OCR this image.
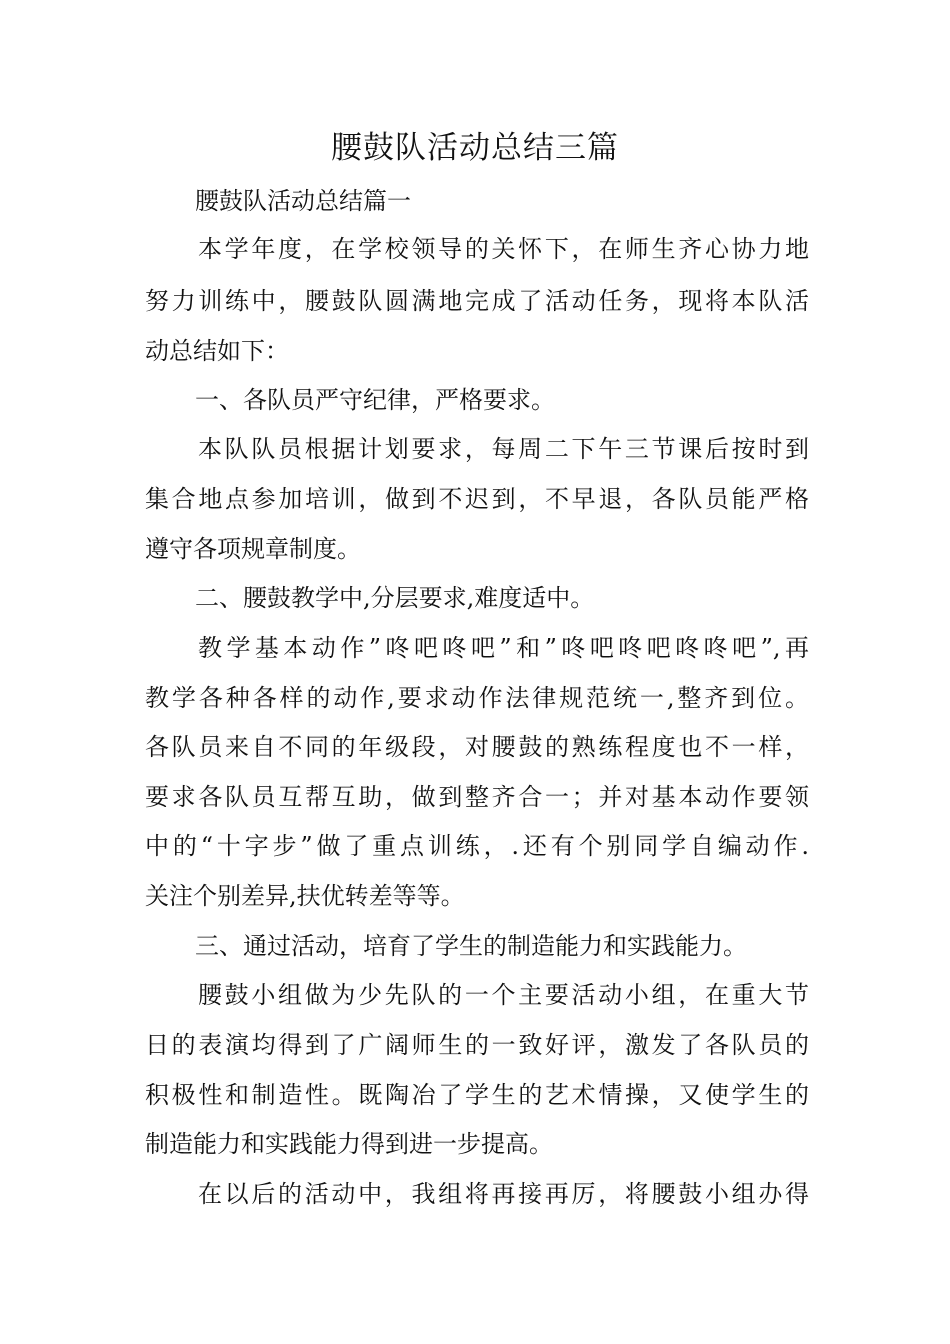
腰鼓队活动总结三篇

腰鼓队活动总结篇一

本学年度，在学校领导的关怀下，在师生齐心协力地

努力训练中，腰鼓队圆满地完成了活动任务，现将本队活

动总结如下：

一、各队员严守纪律，严格要求。

本队队员根据计划要求，每周二下午三节课后按时到

集合地点参加培训，做到不迟到，不早退，各队员能严格

遵守各项规章制度。

二、腰鼓教学中,分层要求,难度适中。

教学基本动作”咚吧咚吧”和”咚吧咚吧咚咚吧”,再

教学各种各样的动作,要求动作法律规范统一,整齐到位。

各队员来自不同的年级段，对腰鼓的熟练程度也不一样，

要求各队员互帮互助，做到整齐合一；并对基本动作要领

中的“十字步”做了重点训练，.还有个别同学自编动作.

关注个别差异,扶优转差等等。

三、通过活动，培育了学生的制造能力和实践能力。

腰鼓小组做为少先队的一个主要活动小组，在重大节

日的表演均得到了广阔师生的一致好评，激发了各队员的

积极性和制造性。既陶冶了学生的艺术情操，又使学生的

制造能力和实践能力得到进一步提高。

在以后的活动中，我组将再接再厉，将腰鼓小组办得
